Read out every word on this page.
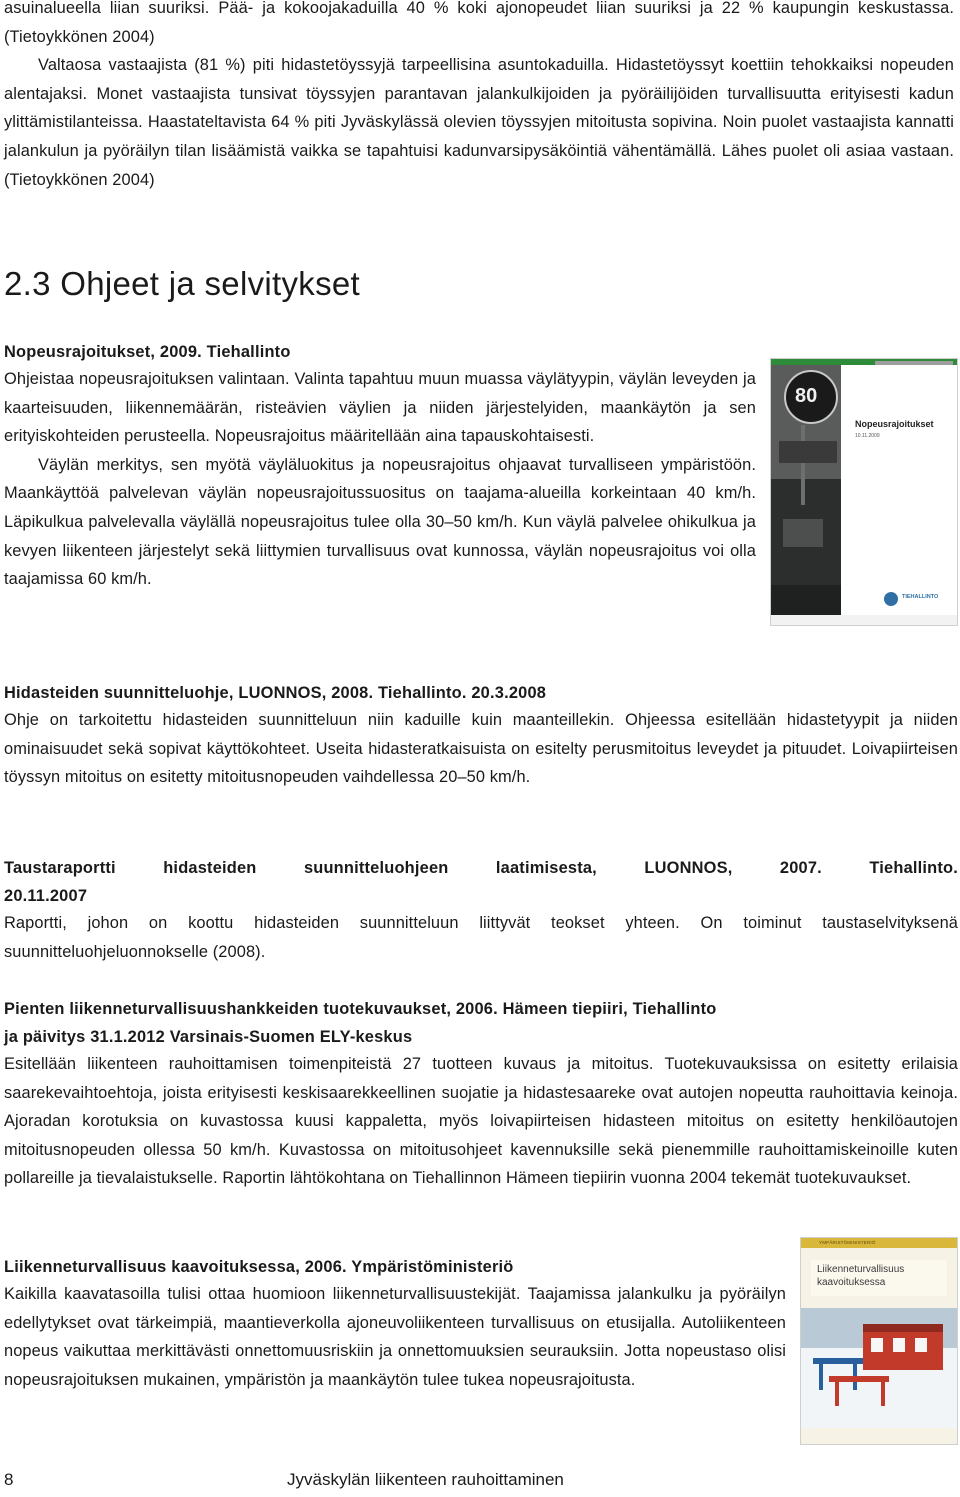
asuinalueella liian suuriksi. Pää- ja kokoojakaduilla 40 % koki ajonopeudet liian suuriksi ja 22 % kaupungin keskustassa. (Tietoykkönen 2004)

Valtaosa vastaajista (81 %) piti hidastetöyssyjä tarpeellisina asuntokaduilla. Hidastetöyssyt koettiin tehokkaiksi nopeuden alentajaksi. Monet vastaajista tunsivat töyssyjen parantavan jalankulkijoiden ja pyöräilijöiden turvallisuutta erityisesti kadun ylittämistilanteissa. Haastateltavista 64 % piti Jyväskylässä olevien töyssyjen mitoitusta sopivina. Noin puolet vastaajista kannatti jalankulun ja pyöräilyn tilan lisäämistä vaikka se tapahtuisi kadunvarsipysäköintiä vähentämällä. Lähes puolet oli asiaa vastaan. (Tietoykkönen 2004)

2.3 Ohjeet ja selvitykset
Nopeusrajoitukset, 2009. Tiehallinto

Ohjeistaa nopeusrajoituksen valintaan. Valinta tapahtuu muun muassa väylätyypin, väylän leveyden ja kaarteisuuden, liikennemäärän, risteävien väylien ja niiden järjestelyiden, maankäytön ja sen erityiskohteiden perusteella. Nopeusrajoitus määritellään aina tapauskohtaisesti.

Väylän merkitys, sen myötä väyläluokitus ja nopeusrajoitus ohjaavat turvalliseen ympäristöön. Maankäyttöä palvelevan väylän nopeusrajoitussuositus on taajama-alueilla korkeintaan 40 km/h. Läpikulkua palvelevalla väylällä nopeusrajoitus tulee olla 30–50 km/h. Kun väylä palvelee ohikulkua ja kevyen liikenteen järjestelyt sekä liittymien turvallisuus ovat kunnossa, väylän nopeusrajoitus voi olla taajamissa 60 km/h.

80
Nopeusrajoitukset
10.11.2009
TIEHALLINTO
Hidasteiden suunnitteluohje, LUONNOS, 2008. Tiehallinto. 20.3.2008

Ohje on tarkoitettu hidasteiden suunnitteluun niin kaduille kuin maanteillekin. Ohjeessa esitellään hidastetyypit ja niiden ominaisuudet sekä sopivat käyttökohteet. Useita hidasteratkaisuista on esitelty perusmitoitus leveydet ja pituudet. Loivapiirteisen töyssyn mitoitus on esitetty mitoitusnopeuden vaihdellessa 20–50 km/h.

Taustaraportti hidasteiden suunnitteluohjeen laatimisesta, LUONNOS, 2007. Tiehallinto.
20.11.2007

Raportti, johon on koottu hidasteiden suunnitteluun liittyvät teokset yhteen. On toiminut taustaselvityksenä suunnitteluohjeluonnokselle (2008).

Pienten liikenneturvallisuushankkeiden tuotekuvaukset, 2006. Hämeen tiepiiri, Tiehallinto
ja päivitys 31.1.2012 Varsinais-Suomen ELY-keskus

Esitellään liikenteen rauhoittamisen toimenpiteistä 27 tuotteen kuvaus ja mitoitus. Tuotekuvauksissa on esitetty erilaisia saarekevaihtoehtoja, joista erityisesti keskisaarekkeellinen suojatie ja hidastesaareke ovat autojen nopeutta rauhoittavia keinoja. Ajoradan korotuksia on kuvastossa kuusi kappaletta, myös loivapiirteisen hidasteen mitoitus on esitetty henkilöautojen mitoitusnopeuden ollessa 50 km/h. Kuvastossa on mitoitusohjeet kavennuksille sekä pienemmille rauhoittamiskeinoille kuten pollareille ja tievalaistukselle. Raportin lähtökohtana on Tiehallinnon Hämeen tiepiirin vuonna 2004 tekemät tuotekuvaukset.

Liikenneturvallisuus kaavoituksessa, 2006. Ympäristöministeriö

Kaikilla kaavatasoilla tulisi ottaa huomioon liikenneturvallisuustekijät. Taajamissa jalankulku ja pyöräilyn edellytykset ovat tärkeimpiä, maantieverkolla ajoneuvoliikenteen turvallisuus on etusijalla. Autoliikenteen nopeus vaikuttaa merkittävästi onnettomuusriskiin ja onnettomuuksien seurauksiin. Jotta nopeustaso olisi nopeusrajoituksen mukainen, ympäristön ja maankäytön tulee tukea nopeusrajoitusta.

YMPÄRISTÖMINISTERIÖ
Liikenneturvallisuus
kaavoituksessa
8	Jyväskylän liikenteen rauhoittaminen
